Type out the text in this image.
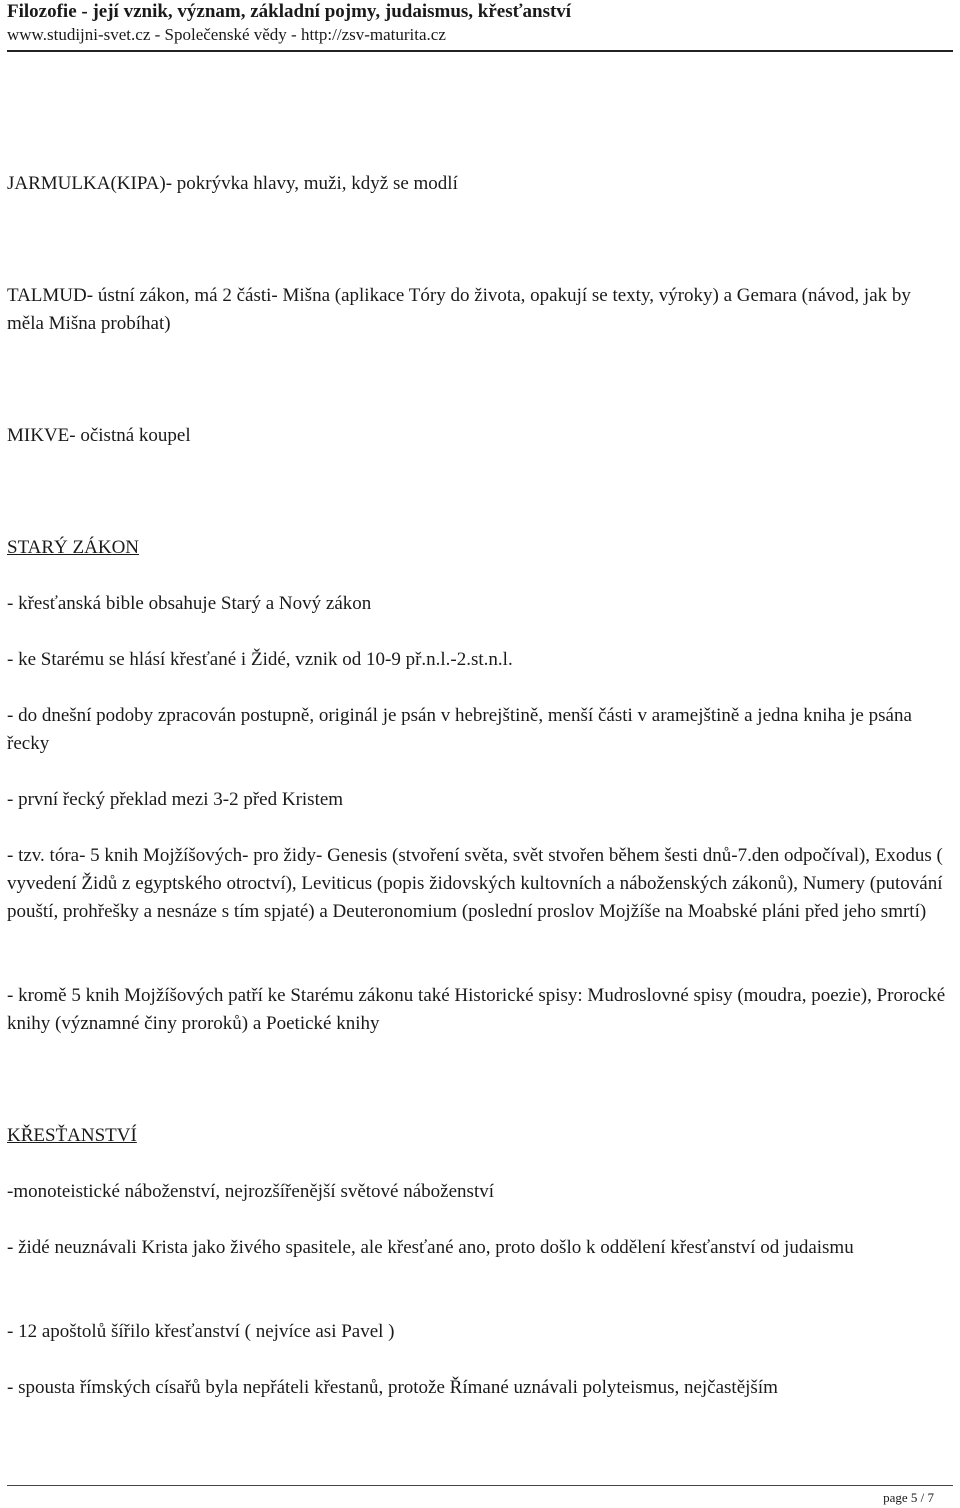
Filozofie - její vznik, význam, základní pojmy, judaismus, křesťanství
www.studijni-svet.cz - Společenské vědy - http://zsv-maturita.cz

JARMULKA(KIPA)- pokrývka hlavy, muži, když se modlí

TALMUD- ústní zákon, má 2 části- Mišna (aplikace Tóry do života, opakují se texty, výroky) a Gemara (návod, jak by měla Mišna probíhat)

MIKVE- očistná koupel

STARÝ ZÁKON

- křesťanská bible obsahuje Starý a Nový zákon

- ke Starému se hlásí křesťané i Židé, vznik od 10-9 př.n.l.-2.st.n.l.

- do dnešní podoby zpracován postupně, originál je psán v hebrejštině, menší části v aramejštině a jedna kniha je psána řecky

- první řecký překlad mezi 3-2 před Kristem

- tzv. tóra- 5 knih Mojžíšových- pro židy- Genesis (stvoření světa, svět stvořen během šesti dnů-7.den odpočíval), Exodus ( vyvedení Židů z egyptského otroctví), Leviticus (popis židovských kultovních a náboženských zákonů), Numery (putování pouští, prohřešky a nesnáze s tím spjaté) a Deuteronomium (poslední proslov Mojžíše na Moabské pláni před jeho smrtí)

- kromě 5 knih Mojžíšových patří ke Starému zákonu také Historické spisy: Mudroslovné spisy (moudra, poezie), Prorocké knihy (významné činy proroků) a Poetické knihy

KŘESŤANSTVÍ

-monoteistické náboženství, nejrozšířenější světové náboženství

- židé neuznávali Krista jako živého spasitele, ale křesťané ano, proto došlo k oddělení křesťanství od judaismu

- 12 apoštolů šířilo křesťanství ( nejvíce asi Pavel )

- spousta římských císařů byla nepřáteli křestanů, protože Římané uznávali polyteismus, nejčastějším

page 5 / 7
